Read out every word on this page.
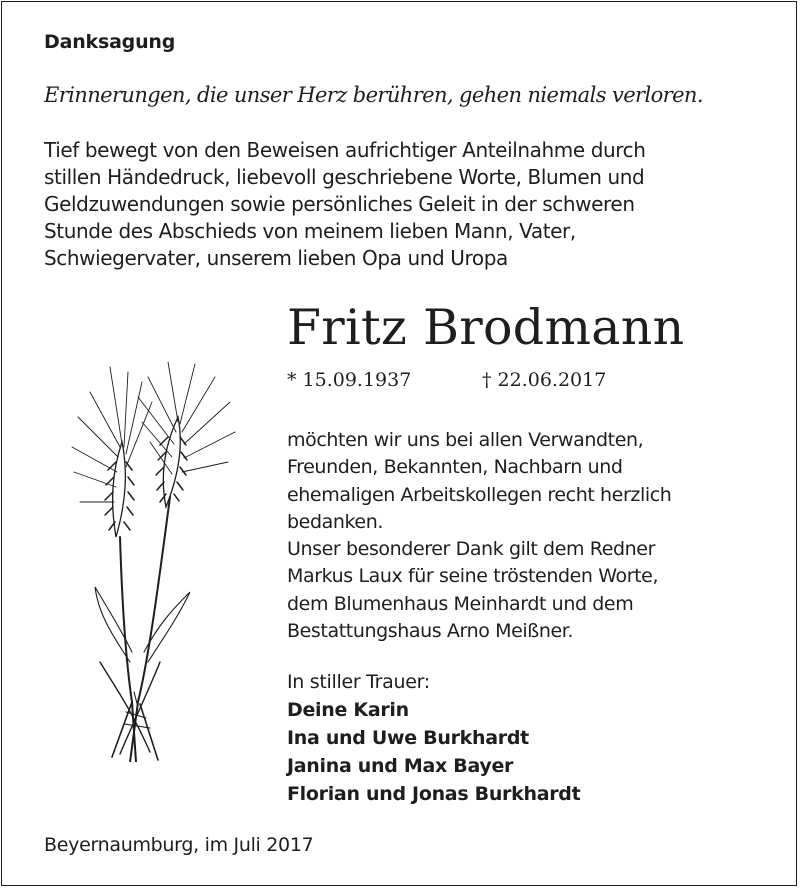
Danksagung
Erinnerungen, die unser Herz berühren, gehen niemals verloren.
Tief bewegt von den Beweisen aufrichtiger Anteilnahme durch
stillen Händedruck, liebevoll geschriebene Worte, Blumen und
Geldzuwendungen sowie persönliches Geleit in der schweren
Stunde des Abschieds von meinem lieben Mann, Vater,
Schwiegervater, unserem lieben Opa und Uropa
Fritz Brodmann
* 15.09.1937	† 22.06.2017
möchten wir uns bei allen Verwandten,
Freunden, Bekannten, Nachbarn und
ehemaligen Arbeitskollegen recht herzlich
bedanken.
Unser besonderer Dank gilt dem Redner
Markus Laux für seine tröstenden Worte,
dem Blumenhaus Meinhardt und dem
Bestattungshaus Arno Meißner.
In stiller Trauer:
Deine Karin
Ina und Uwe Burkhardt
Janina und Max Bayer
Florian und Jonas Burkhardt
Beyernaumburg, im Juli 2017
